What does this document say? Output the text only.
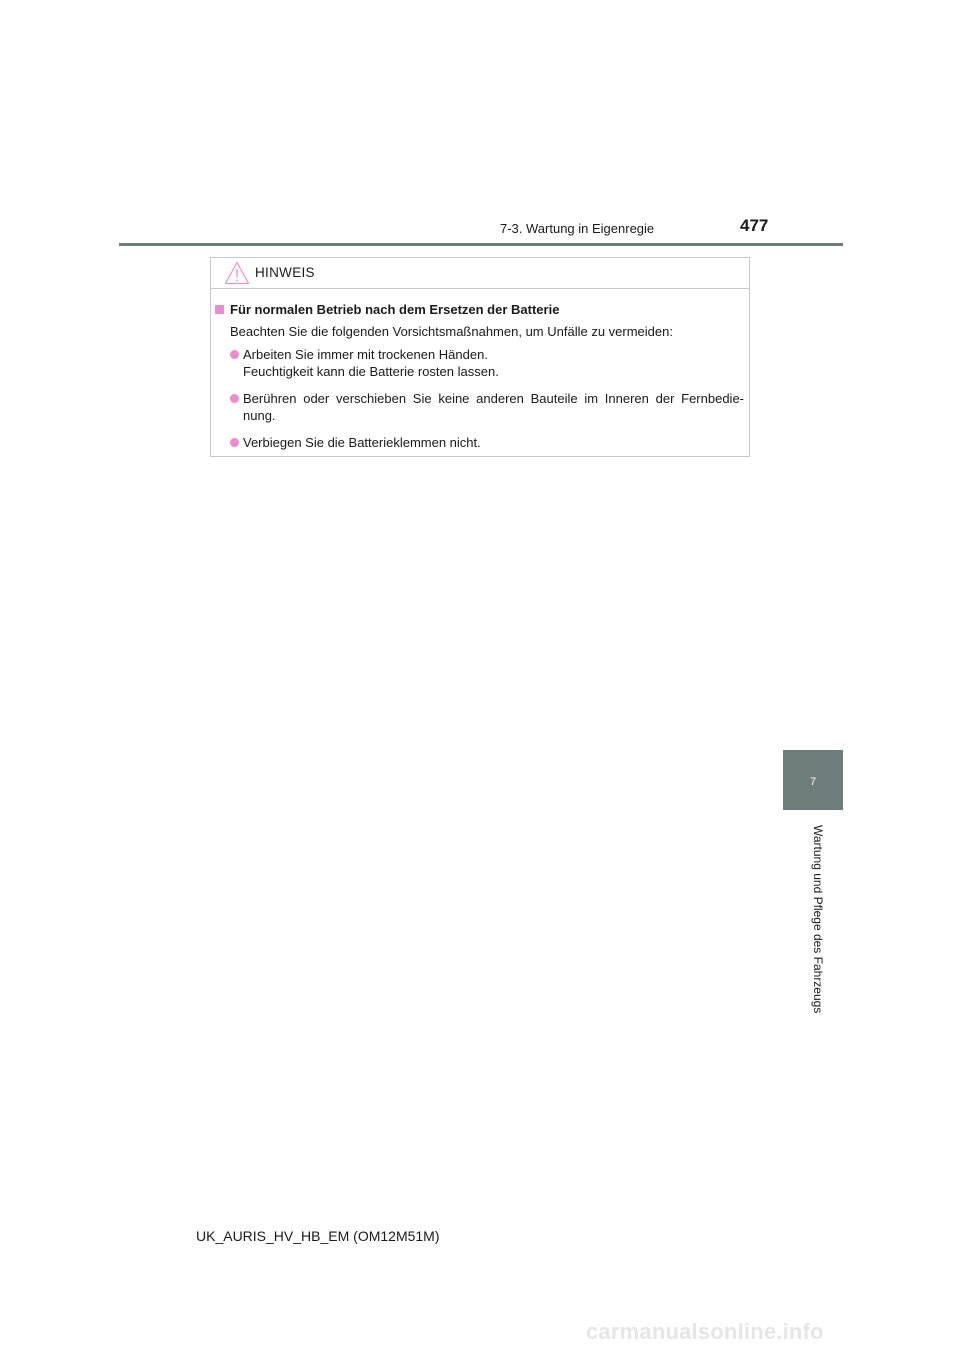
7-3. Wartung in Eigenregie	477
HINWEIS
Für normalen Betrieb nach dem Ersetzen der Batterie
Beachten Sie die folgenden Vorsichtsmaßnahmen, um Unfälle zu vermeiden:
Arbeiten Sie immer mit trockenen Händen.
Feuchtigkeit kann die Batterie rosten lassen.
Berühren oder verschieben Sie keine anderen Bauteile im Inneren der Fernbedie-
nung.
Verbiegen Sie die Batterieklemmen nicht.
7
Wartung und Pflege des Fahrzeugs
UK_AURIS_HV_HB_EM (OM12M51M)
carmanualsonline.info
